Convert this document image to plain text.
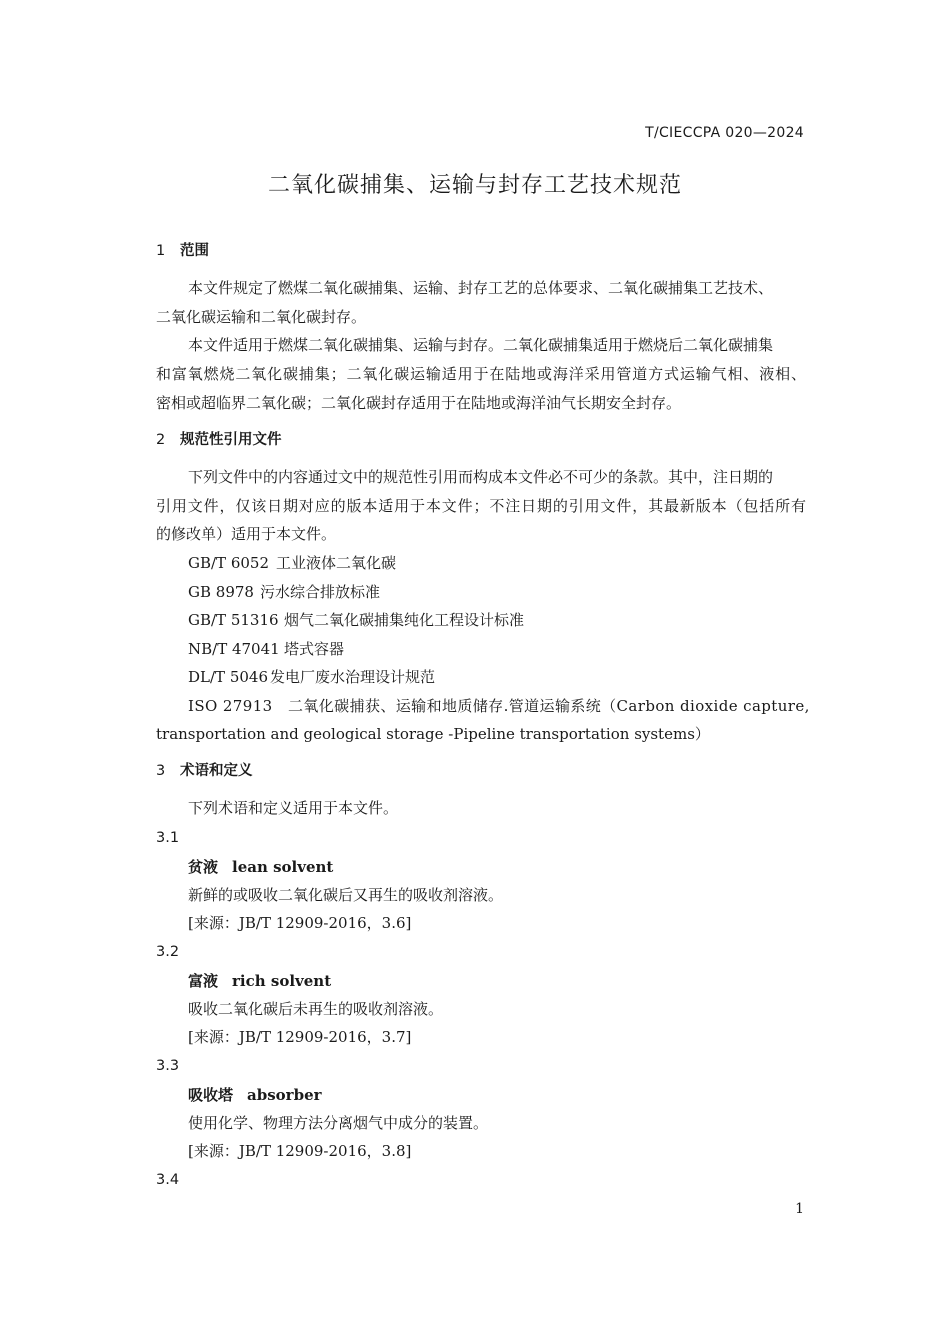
T/CIECCPA 020—2024
二氧化碳捕集、运输与封存工艺技术规范
1 范围
本文件规定了燃煤二氧化碳捕集、运输、封存工艺的总体要求、二氧化碳捕集工艺技术、
二氧化碳运输和二氧化碳封存。
本文件适用于燃煤二氧化碳捕集、运输与封存。二氧化碳捕集适用于燃烧后二氧化碳捕集
和富氧燃烧二氧化碳捕集；二氧化碳运输适用于在陆地或海洋采用管道方式运输气相、液相、
密相或超临界二氧化碳；二氧化碳封存适用于在陆地或海洋油气长期安全封存。
2 规范性引用文件
下列文件中的内容通过文中的规范性引用而构成本文件必不可少的条款。其中，注日期的
引用文件，仅该日期对应的版本适用于本文件；不注日期的引用文件，其最新版本（包括所有
的修改单）适用于本文件。
GB/T 6052 工业液体二氧化碳
GB 8978 污水综合排放标准
GB/T 51316 烟气二氧化碳捕集纯化工程设计标准
NB/T 47041 塔式容器
DL/T 5046 发电厂废水治理设计规范
ISO 27913　二氧化碳捕获、运输和地质储存.管道运输系统（Carbon dioxide capture,
transportation and geological storage -Pipeline transportation systems）
3 术语和定义
下列术语和定义适用于本文件。
3.1
贫液 lean solvent
新鲜的或吸收二氧化碳后又再生的吸收剂溶液。
[来源：JB/T 12909-2016，3.6]
3.2
富液 rich solvent
吸收二氧化碳后未再生的吸收剂溶液。
[来源：JB/T 12909-2016，3.7]
3.3
吸收塔 absorber
使用化学、物理方法分离烟气中成分的装置。
[来源：JB/T 12909-2016，3.8]
3.4
1
